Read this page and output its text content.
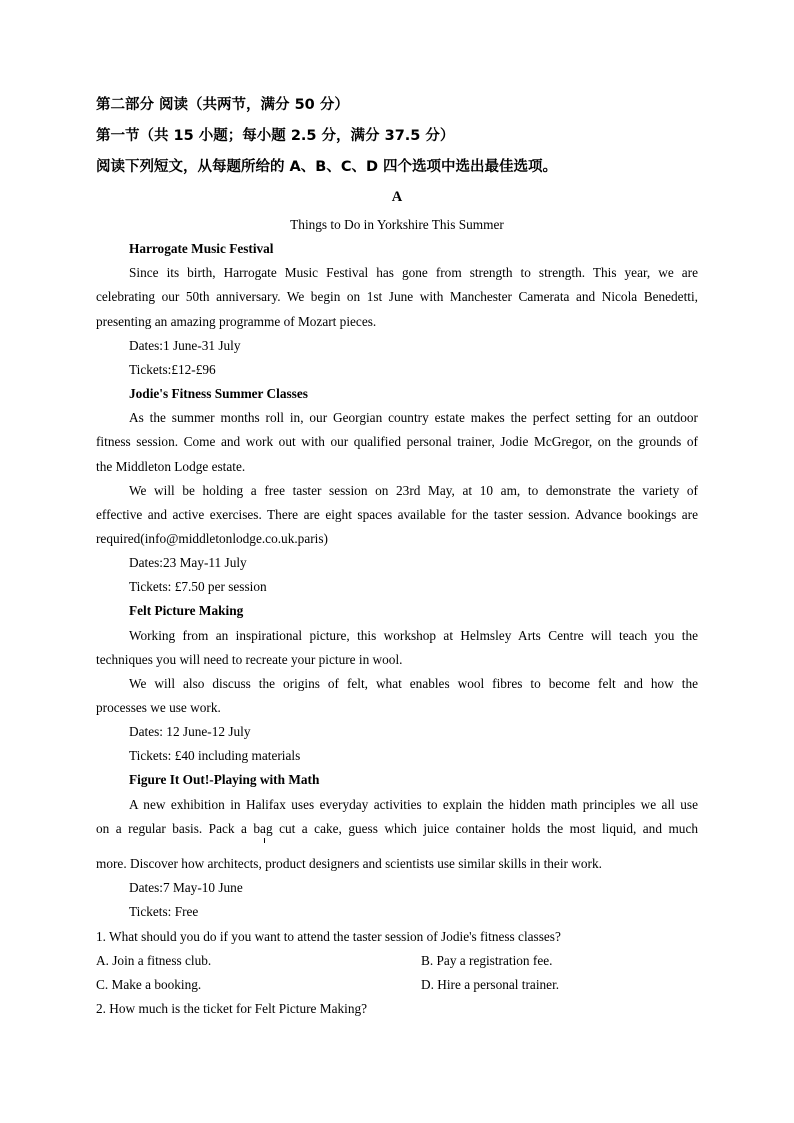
第二部分 阅读（共两节，满分 50 分）
第一节（共 15 小题；每小题 2.5 分，满分 37.5 分）
阅读下列短文，从每题所给的 A、B、C、D 四个选项中选出最佳选项。
A
Things to Do in Yorkshire This Summer
Harrogate Music Festival
Since its birth, Harrogate Music Festival has gone from strength to strength. This year, we are
celebrating our 50th anniversary. We begin on 1st June with Manchester Camerata and Nicola Benedetti,
presenting an amazing programme of Mozart pieces.
Dates:1 June-31 July
Tickets:£12-£96
Jodie's Fitness Summer Classes
As the summer months roll in, our Georgian country estate makes the perfect setting for an outdoor
fitness session. Come and work out with our qualified personal trainer, Jodie McGregor, on the grounds of
the Middleton Lodge estate.
We will be holding a free taster session on 23rd May, at 10 am, to demonstrate the variety of
effective and active exercises. There are eight spaces available for the taster session. Advance bookings are
required(info@middletonlodge.co.uk.paris)
Dates:23 May-11 July
Tickets: £7.50 per session
Felt Picture Making
Working from an inspirational picture, this workshop at Helmsley Arts Centre will teach you the
techniques you will need to recreate your picture in wool.
We will also discuss the origins of felt, what enables wool fibres to become felt and how the
processes we use work.
Dates: 12 June-12 July
Tickets: £40 including materials
Figure It Out!-Playing with Math
A new exhibition in Halifax uses everyday activities to explain the hidden math principles we all use
on a regular basis. Pack a bag cut a cake, guess which juice container holds the most liquid, and much
more. Discover how architects, product designers and scientists use similar skills in their work.
Dates:7 May-10 June
Tickets: Free
1. What should you do if you want to attend the taster session of Jodie's fitness classes?
A. Join a fitness club.	B. Pay a registration fee.
C. Make a booking.	D. Hire a personal trainer.
2. How much is the ticket for Felt Picture Making?
